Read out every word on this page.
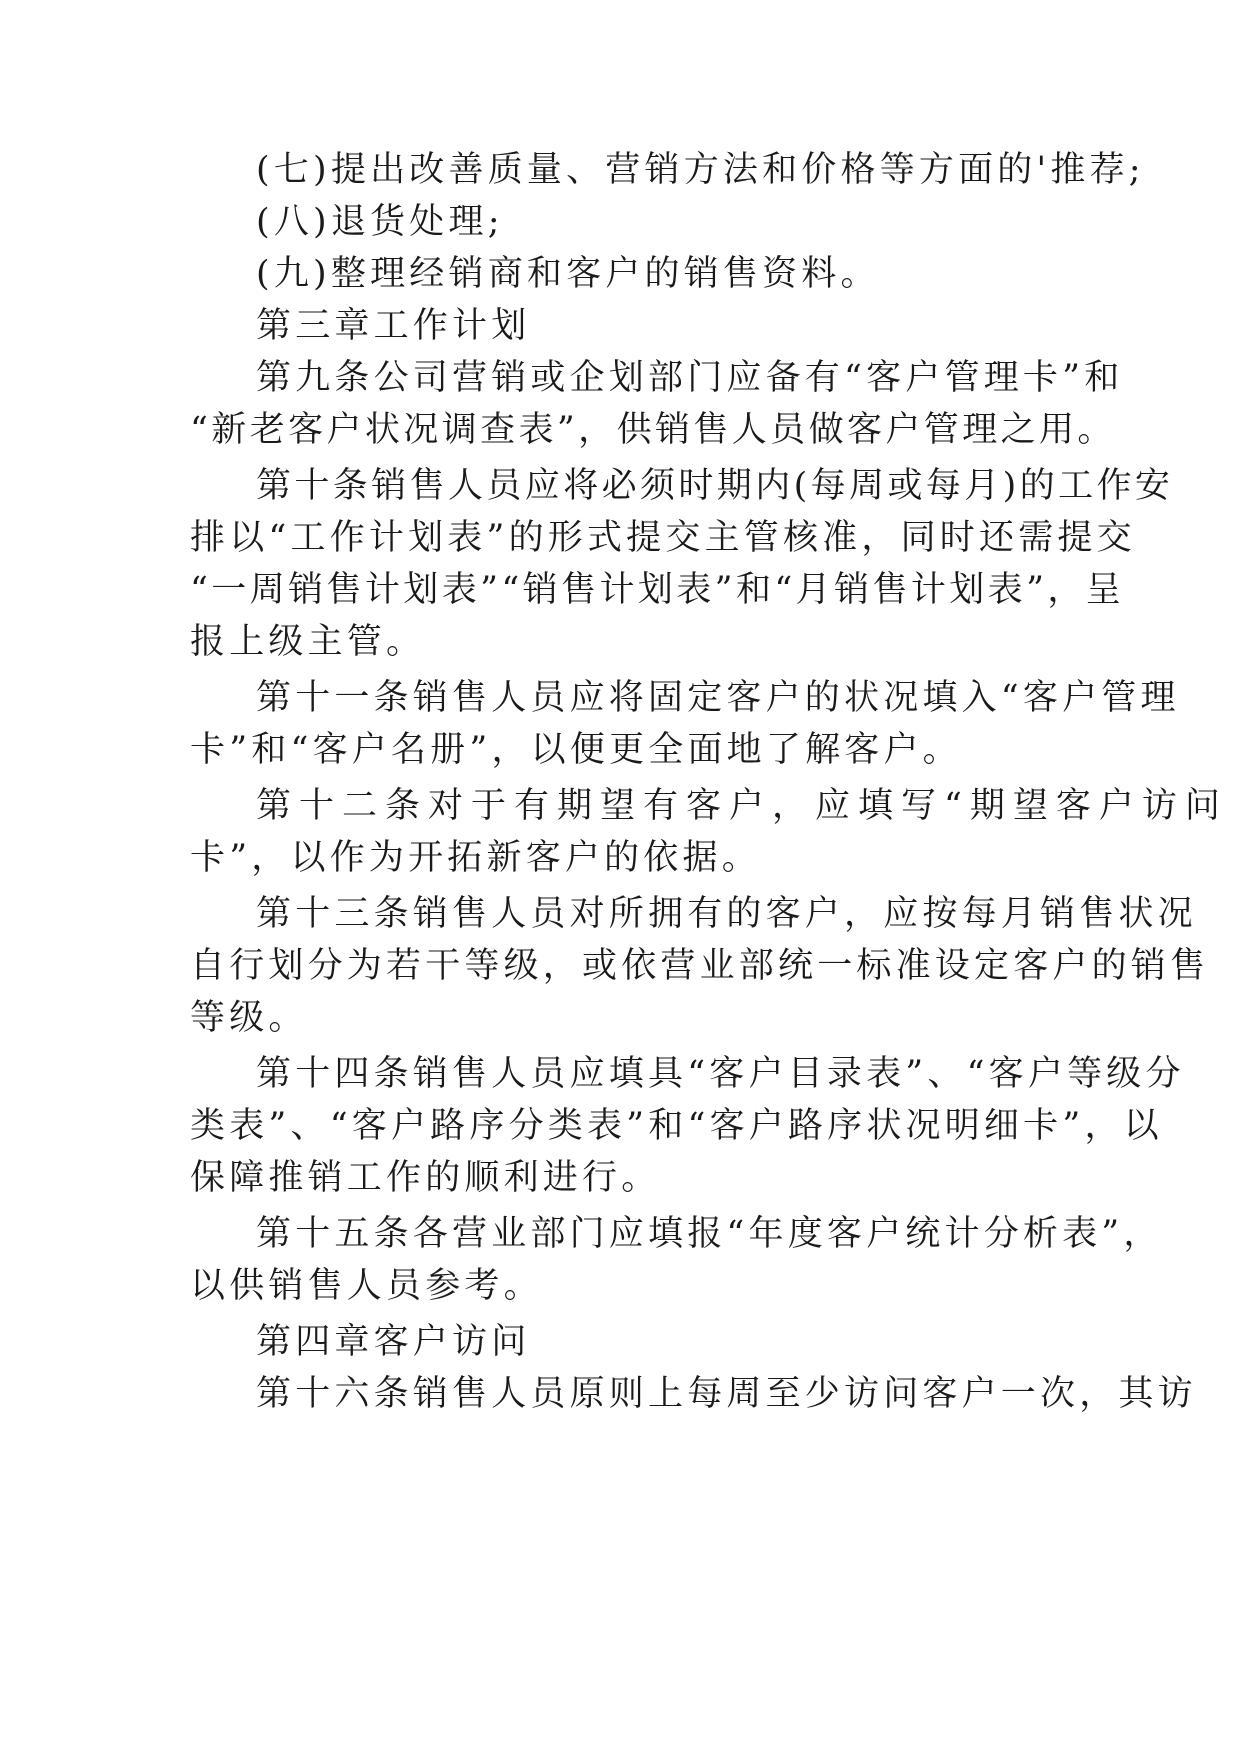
(七)提出改善质量、营销方法和价格等方面的'推荐;
(八)退货处理;
(九)整理经销商和客户的销售资料。
第三章工作计划
第九条公司营销或企划部门应备有“客户管理卡”和
“新老客户状况调查表”，供销售人员做客户管理之用。
第十条销售人员应将必须时期内(每周或每月)的工作安
排以“工作计划表”的形式提交主管核准，同时还需提交
“一周销售计划表”“销售计划表”和“月销售计划表”，呈
报上级主管。
第十一条销售人员应将固定客户的状况填入“客户管理
卡”和“客户名册”，以便更全面地了解客户。
第十二条对于有期望有客户，应填写“期望客户访问
卡”，以作为开拓新客户的依据。
第十三条销售人员对所拥有的客户，应按每月销售状况
自行划分为若干等级，或依营业部统一标准设定客户的销售
等级。
第十四条销售人员应填具“客户目录表”、“客户等级分
类表”、“客户路序分类表”和“客户路序状况明细卡”，以
保障推销工作的顺利进行。
第十五条各营业部门应填报“年度客户统计分析表”，
以供销售人员参考。
第四章客户访问
第十六条销售人员原则上每周至少访问客户一次，其访
